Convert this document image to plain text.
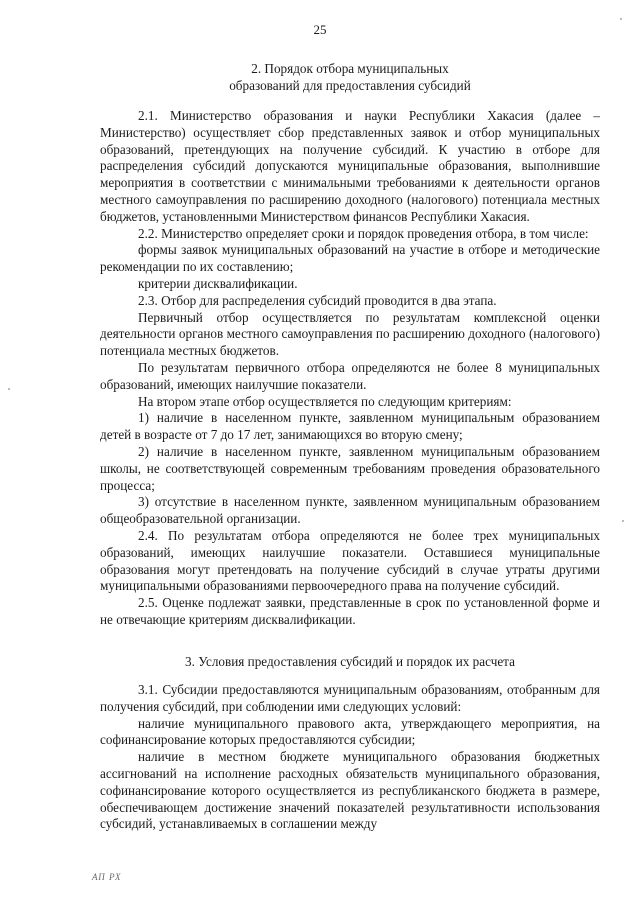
25
2. Порядок отбора муниципальных
образований для предоставления субсидий

2.1. Министерство образования и науки Республики Хакасия (далее – Министерство) осуществляет сбор представленных заявок и отбор муниципальных образований, претендующих на получение субсидий. К участию в отборе для распределения субсидий допускаются муниципальные образования, выполнившие мероприятия в соответствии с минимальными требованиями к деятельности органов местного самоуправления по расширению доходного (налогового) потенциала местных бюджетов, установленными Министерством финансов Республики Хакасия.

2.2. Министерство определяет сроки и порядок проведения отбора, в том числе:

формы заявок муниципальных образований на участие в отборе и методические рекомендации по их составлению;

критерии дисквалификации.

2.3. Отбор для распределения субсидий проводится в два этапа.

Первичный отбор осуществляется по результатам комплексной оценки деятельности органов местного самоуправления по расширению доходного (налогового) потенциала местных бюджетов.

По результатам первичного отбора определяются не более 8 муниципальных образований, имеющих наилучшие показатели.

На втором этапе отбор осуществляется по следующим критериям:

1) наличие в населенном пункте, заявленном муниципальным образованием детей в возрасте от 7 до 17 лет, занимающихся во вторую смену;

2) наличие в населенном пункте, заявленном муниципальным образованием школы, не соответствующей современным требованиям проведения образовательного процесса;

3) отсутствие в населенном пункте, заявленном муниципальным образованием общеобразовательной организации.

2.4. По результатам отбора определяются не более трех муниципальных образований, имеющих наилучшие показатели. Оставшиеся муниципальные образования могут претендовать на получение субсидий в случае утраты другими муниципальными образованиями первоочередного права на получение субсидий.

2.5. Оценке подлежат заявки, представленные в срок по установленной форме и не отвечающие критериям дисквалификации.

3. Условия предоставления субсидий и порядок их расчета

3.1. Субсидии предоставляются муниципальным образованиям, отобранным для получения субсидий, при соблюдении ими следующих условий:

наличие муниципального правового акта, утверждающего мероприятия, на софинансирование которых предоставляются субсидии;

наличие в местном бюджете муниципального образования бюджетных ассигнований на исполнение расходных обязательств муниципального образования, софинансирование которого осуществляется из республиканского бюджета в размере, обеспечивающем достижение значений показателей результативности использования субсидий, устанавливаемых в соглашении между

АП РХ
